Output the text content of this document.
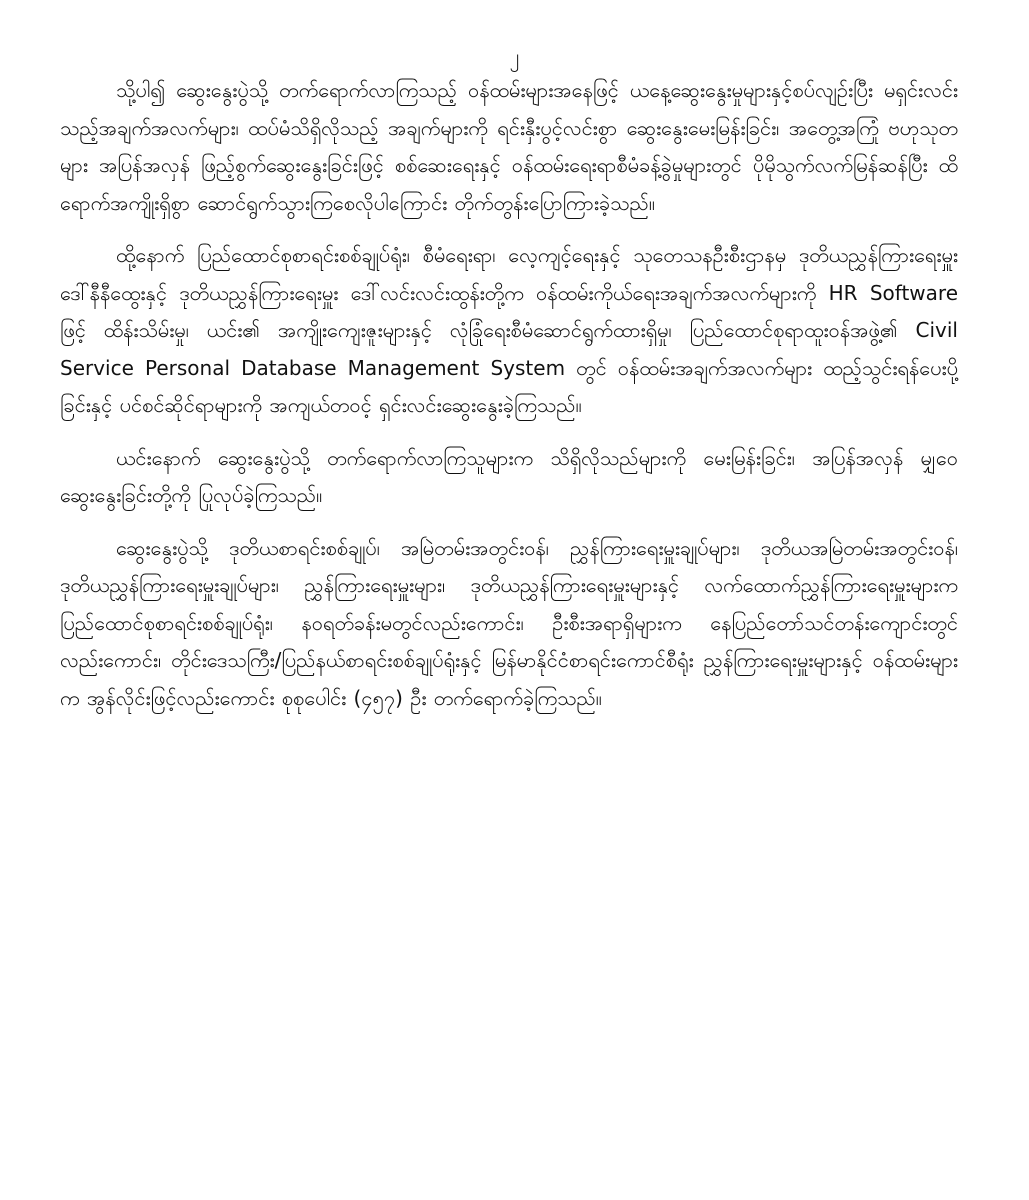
၂

သို့ပါ၍ ဆွေးနွေးပွဲသို့ တက်ရောက်လာကြသည့် ဝန်ထမ်းများအနေဖြင့် ယနေ့ဆွေးနွေးမှုများနှင့်စပ်လျဉ်းပြီး မရှင်းလင်းသည့်အချက်အလက်များ၊ ထပ်မံသိရှိလိုသည့် အချက်များကို ရင်းနှီးပွင့်လင်းစွာ ဆွေးနွေးမေးမြန်းခြင်း၊ အတွေ့အကြုံ ဗဟုသုတများ အပြန်အလှန် ဖြည့်စွက်ဆွေးနွေးခြင်းဖြင့် စစ်ဆေးရေးနှင့် ဝန်ထမ်းရေးရာစီမံခန့်ခွဲမှုများတွင် ပိုမိုသွက်လက်မြန်ဆန်ပြီး ထိရောက်အကျိုးရှိစွာ ဆောင်ရွက်သွားကြစေလိုပါကြောင်း တိုက်တွန်းပြောကြားခဲ့သည်။

ထို့နောက် ပြည်ထောင်စုစာရင်းစစ်ချုပ်ရုံး၊ စီမံရေးရာ၊ လေ့ကျင့်ရေးနှင့် သုတေသနဦးစီးဌာနမှ ဒုတိယညွှန်ကြားရေးမှူး ဒေါ်နီနီထွေးနှင့် ဒုတိယညွှန်ကြားရေးမှူး ဒေါ်လင်းလင်းထွန်းတို့က ဝန်ထမ်းကိုယ်ရေးအချက်အလက်များကို HR Software ဖြင့် ထိန်းသိမ်းမှု၊ ယင်း၏ အကျိုးကျေးဇူးများနှင့် လုံခြုံရေးစီမံဆောင်ရွက်ထားရှိမှု၊ ပြည်ထောင်စုရာထူးဝန်အဖွဲ့၏ Civil Service Personal Database Management System တွင် ဝန်ထမ်းအချက်အလက်များ ထည့်သွင်းရန်ပေးပို့ခြင်းနှင့် ပင်စင်ဆိုင်ရာများကို အကျယ်တဝင့် ရှင်းလင်းဆွေးနွေးခဲ့ကြသည်။

ယင်းနောက် ဆွေးနွေးပွဲသို့ တက်ရောက်လာကြသူများက သိရှိလိုသည်များကို မေးမြန်းခြင်း၊ အပြန်အလှန် မျှဝေဆွေးနွေးခြင်းတို့ကို ပြုလုပ်ခဲ့ကြသည်။

ဆွေးနွေးပွဲသို့ ဒုတိယစာရင်းစစ်ချုပ်၊ အမြဲတမ်းအတွင်းဝန်၊ ညွှန်ကြားရေးမှူးချုပ်များ၊ ဒုတိယအမြဲတမ်းအတွင်းဝန်၊ ဒုတိယညွှန်ကြားရေးမှူးချုပ်များ၊ ညွှန်ကြားရေးမှူးများ၊ ဒုတိယညွှန်ကြားရေးမှူးများနှင့် လက်ထောက်ညွှန်ကြားရေးမှူးများက ပြည်ထောင်စုစာရင်းစစ်ချုပ်ရုံး၊ နဝရတ်ခန်းမတွင်လည်းကောင်း၊ ဦးစီးအရာရှိများက နေပြည်တော်သင်တန်းကျောင်းတွင်လည်းကောင်း၊ တိုင်းဒေသကြီး/ပြည်နယ်စာရင်းစစ်ချုပ်ရုံးနှင့် မြန်မာနိုင်ငံစာရင်းကောင်စီရုံး ညွှန်ကြားရေးမှူးများနှင့် ဝန်ထမ်းများက အွန်လိုင်းဖြင့်လည်းကောင်း စုစုပေါင်း (၄၅၇) ဦး တက်ရောက်ခဲ့ကြသည်။
